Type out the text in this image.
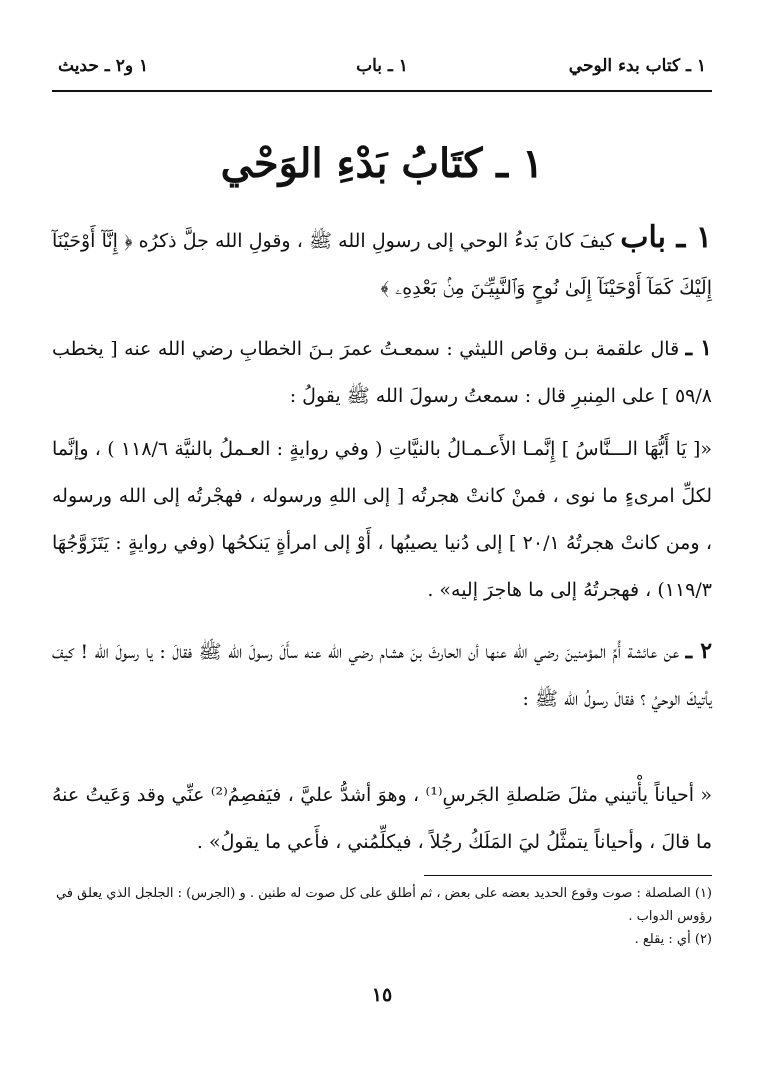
١ ـ كتاب بدء الوحي
١ ـ باب
١ و٢ ـ حديث
١ ـ كتَابُ بَدْءِ الوَحْي
١ ـ باب كيفَ كانَ بَدءُ الوحي إلى رسولِ الله ﷺ ، وقولِ الله جلَّ ذكرُه ﴿ إِنَّآ أَوْحَيْنَآ إِلَيْكَ كَمَآ أَوْحَيْنَآ إِلَىٰ نُوحٍ وَٱلنَّبِيِّـۧنَ مِنۢ بَعْدِهِۦ ﴾
١ ـ قال علقمة بـن وقاص الليثي : سمعـتُ عمرَ بـنَ الخطابِ رضي الله عنه [ يخطب ٥٩/٨ ] على المِنبرِ قال : سمعتُ رسولَ الله ﷺ يقولُ :
«[ يَا أَيُّهَا الـــنَّاسُ ] إِنَّمـا الأَعـمـالُ بالنيَّاتِ ( وفي روايةٍ : العـملُ بالنيَّة ١١٨/٦ ) ، وإنَّما لكلِّ امرىءٍ ما نوى ، فمنْ كانتْ هجرتُه [ إلى اللهِ ورسوله ، فهجْرتُه إلى الله ورسوله ، ومن كانتْ هجرتُهُ ٢٠/١ ] إلى دُنيا يصيبُها ، أَوْ إلى امرأةٍ يَنكحُها (وفي روايةٍ : يَتَزَوَّجُهَا ١١٩/٣) ، فهجرتُهُ إلى ما هاجرَ إليه» .
٢ ـ عن عائشة أُمِّ المؤمنينَ رضي الله عنها أن الحارثَ بنَ هشام رضي الله عنه سأَلَ رسولَ الله ﷺ فقالَ : يا رسولَ الله ! كيفَ يأتيكَ الوحيُ ؟ فقالَ رسولُ الله ﷺ :
« أحياناً يأْتيني مثلَ صَلصلةِ الجَرسِ⁽¹⁾ ، وهوَ أشدُّ عليَّ ، فيَفصِمُ⁽²⁾ عنِّي وقد وَعَيتُ عنهُ ما قالَ ، وأحياناً يتمثَّلُ ليَ المَلَكُ رجُلاً ، فيكلِّمُني ، فأَعي ما يقولُ» .
(١) الصلصلة : صوت وقوع الحديد بعضه على بعض ، ثم أطلق على كل صوت له طنين . و (الجرس) : الجلجل الذي يعلق في رؤوس الدواب .
(٢) أي : يقلع .
١٥
